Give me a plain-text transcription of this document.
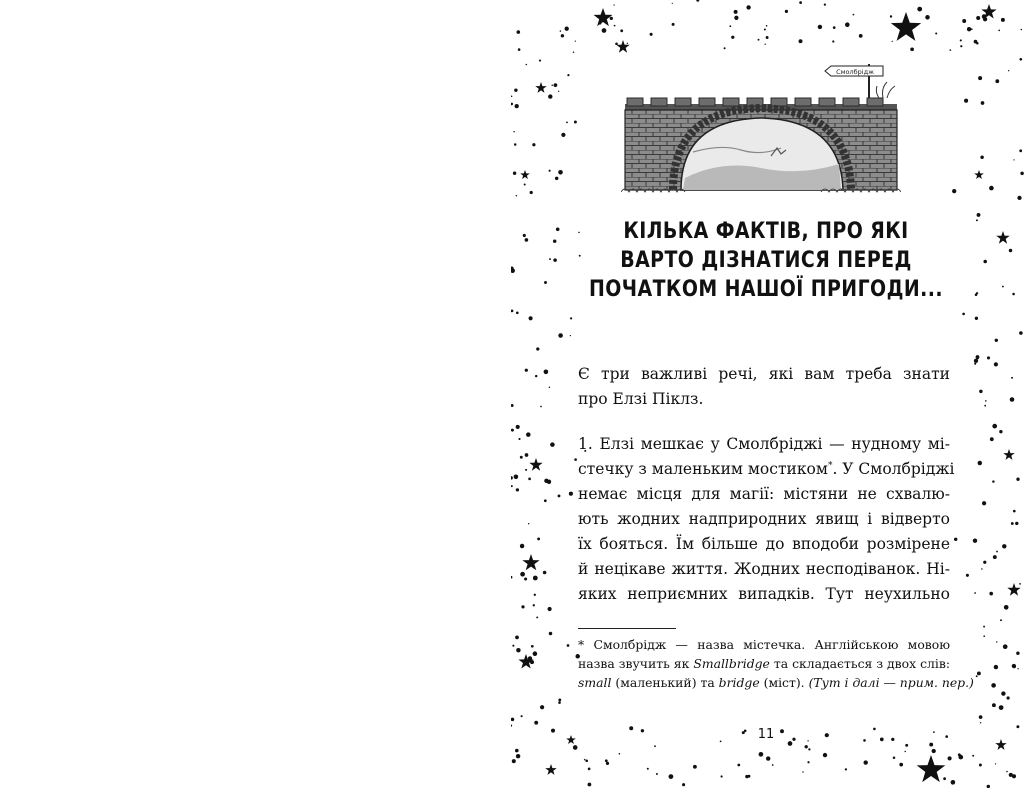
Смолбрідж
КІЛЬКА ФАКТІВ, ПРО ЯКІ
ВАРТО ДІЗНАТИСЯ ПЕРЕД
ПОЧАТКОМ НАШОЇ ПРИГОДИ...

Є три важливі речі, які вам треба знати
про Елзі Піклз.

1. Елзі мешкає у Смолбріджі — нудному мі-
стечку з маленьким мостиком*. У Смолбріджі
немає місця для магії: містяни не схвалю-
ють жодних надприродних явищ і відверто
їх бояться. Їм більше до вподоби розмірене
й нецікаве життя. Жодних несподіванок. Ні-
яких неприємних випадків. Тут неухильно

* Смолбрідж — назва містечка. Англійською мовою
назва звучить як Smallbridge та складається з двох слів:
small (маленький) та bridge (міст). (Тут і далі — прим. пер.)
11
